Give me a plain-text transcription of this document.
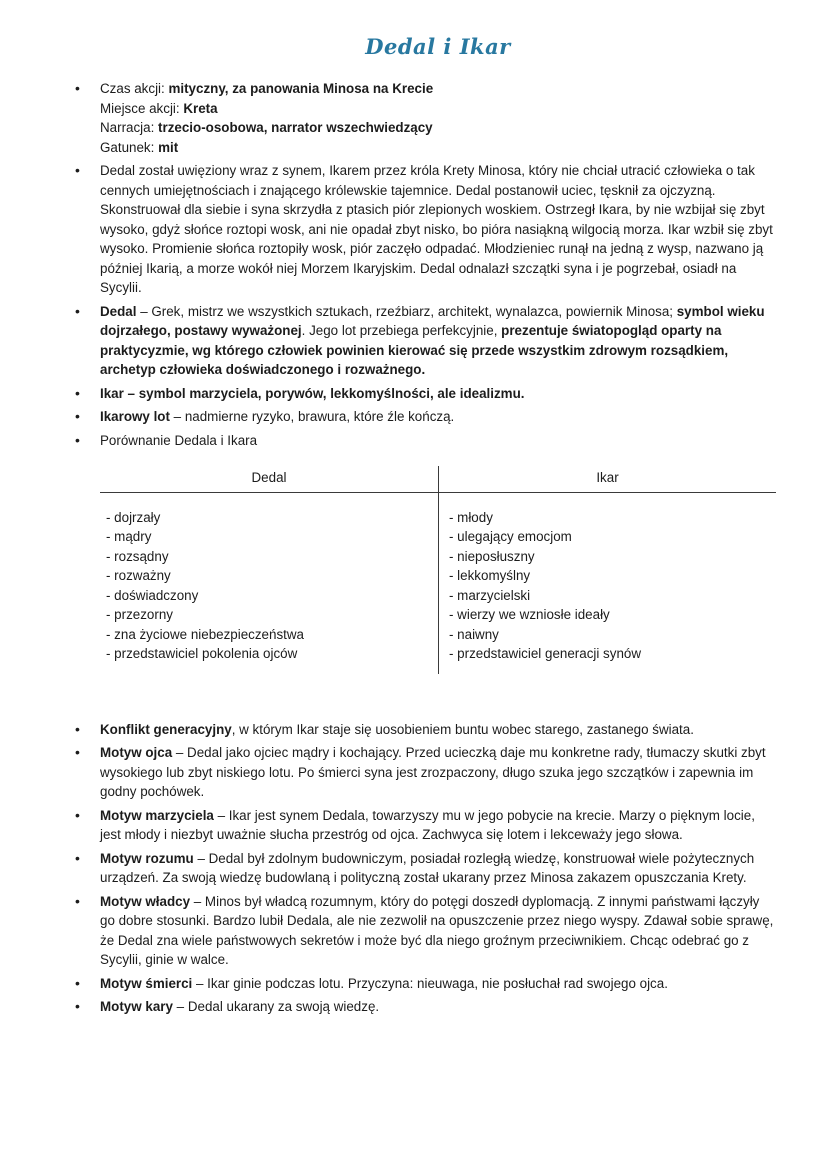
Dedal i Ikar
• Czas akcji: mityczny, za panowania Minosa na Krecie
Miejsce akcji: Kreta
Narracja: trzecio-osobowa, narrator wszechwiedzący
Gatunek: mit
• Dedal został uwięziony wraz z synem, Ikarem przez króla Krety Minosa, który nie chciał utracić człowieka o tak cennych umiejętnościach i znającego królewskie tajemnice. Dedal postanowił uciec, tęsknił za ojczyzną. Skonstruował dla siebie i syna skrzydła z ptasich piór zlepionych woskiem. Ostrzegł Ikara, by nie wzbijał się zbyt wysoko, gdyż słońce roztopi wosk, ani nie opadał zbyt nisko, bo pióra nasiąkną wilgocią morza. Ikar wzbił się zbyt wysoko. Promienie słońca roztopiły wosk, piór zaczęło odpadać. Młodzieniec runął na jedną z wysp, nazwano ją później Ikarią, a morze wokół niej Morzem Ikaryjskim. Dedal odnalazł szczątki syna i je pogrzebał, osiadł na Sycylii.
• Dedal – Grek, mistrz we wszystkich sztukach, rzeźbiarz, architekt, wynalazca, powiernik Minosa; symbol wieku dojrzałego, postawy wyważonej. Jego lot przebiega perfekcyjnie, prezentuje światopogląd oparty na praktycyzmie, wg którego człowiek powinien kierować się przede wszystkim zdrowym rozsądkiem, archetyp człowieka doświadczonego i rozważnego.
• Ikar – symbol marzyciela, porywów, lekkomyślności, ale idealizmu.
• Ikarowy lot – nadmierne ryzyko, brawura, które źle kończą.
• Porównanie Dedala i Ikara
Dedal
- dojrzały
- mądry
- rozsądny
- rozważny
- doświadczony
- przezorny
- zna życiowe niebezpieczeństwa
- przedstawiciel pokolenia ojców
Ikar
- młody
- ulegający emocjom
- nieposłuszny
- lekkomyślny
- marzycielski
- wierzy we wzniosłe ideały
- naiwny
- przedstawiciel generacji synów
• Konflikt generacyjny, w którym Ikar staje się uosobieniem buntu wobec starego, zastanego świata.
• Motyw ojca – Dedal jako ojciec mądry i kochający. Przed ucieczką daje mu konkretne rady, tłumaczy skutki zbyt wysokiego lub zbyt niskiego lotu. Po śmierci syna jest zrozpaczony, długo szuka jego szczątków i zapewnia im godny pochówek.
• Motyw marzyciela – Ikar jest synem Dedala, towarzyszy mu w jego pobycie na krecie. Marzy o pięknym locie, jest młody i niezbyt uważnie słucha przestróg od ojca. Zachwyca się lotem i lekceważy jego słowa.
• Motyw rozumu – Dedal był zdolnym budowniczym, posiadał rozległą wiedzę, konstruował wiele pożytecznych urządzeń. Za swoją wiedzę budowlaną i polityczną został ukarany przez Minosa zakazem opuszczania Krety.
• Motyw władcy – Minos był władcą rozumnym, który do potęgi doszedł dyplomacją. Z innymi państwami łączyły go dobre stosunki. Bardzo lubił Dedala, ale nie zezwolił na opuszczenie przez niego wyspy. Zdawał sobie sprawę, że Dedal zna wiele państwowych sekretów i może być dla niego groźnym przeciwnikiem. Chcąc odebrać go z Sycylii, ginie w walce.
• Motyw śmierci – Ikar ginie podczas lotu. Przyczyna: nieuwaga, nie posłuchał rad swojego ojca.
• Motyw kary – Dedal ukarany za swoją wiedzę.
